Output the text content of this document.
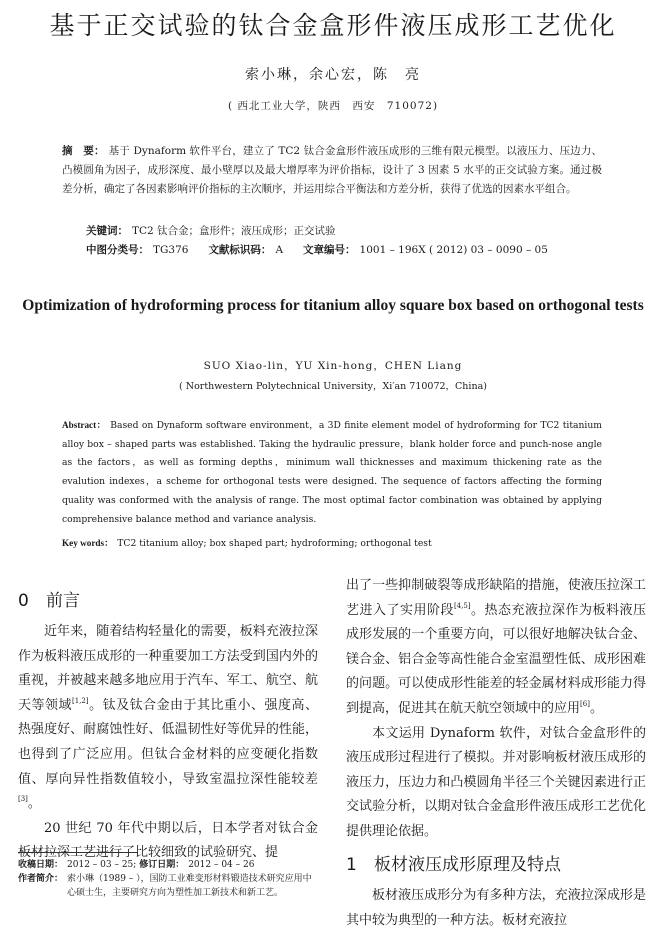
基于正交试验的钛合金盒形件液压成形工艺优化
索小琳，余心宏，陈　亮
( 西北工业大学，陕西　西安　710072)
摘　要： 基于 Dynaform 软件平台，建立了 TC2 钛合金盒形件液压成形的三维有限元模型。以液压力、压边力、凸模圆角为因子，成形深度、最小壁厚以及最大增厚率为评价指标，设计了 3 因素 5 水平的正交试验方案。通过极差分析，确定了各因素影响评价指标的主次顺序，并运用综合平衡法和方差分析，获得了优选的因素水平组合。
关键词： TC2 钛合金；盒形件；液压成形；正交试验
中图分类号： TG376 文献标识码： A 文章编号： 1001 – 196X ( 2012) 03 – 0090 – 05
Optimization of hydroforming process for titanium alloy square box based on orthogonal tests
SUO Xiao-lin，YU Xin-hong，CHEN Liang
( Northwestern Polytechnical University，Xi′an 710072，China)
Abstract： Based on Dynaform software environment，a 3D finite element model of hydroforming for TC2 titanium alloy box – shaped parts was established. Taking the hydraulic pressure，blank holder force and punch-nose angle as the factors，as well as forming depths，minimum wall thicknesses and maximum thickening rate as the evalution indexes，a scheme for orthogonal tests were designed. The sequence of factors affecting the forming quality was conformed with the analysis of range. The most optimal factor combination was obtained by applying comprehensive balance method and variance analysis.
Key words： TC2 titanium alloy; box shaped part; hydroforming; orthogonal test
0 前言

近年来，随着结构轻量化的需要，板料充液拉深作为板料液压成形的一种重要加工方法受到国内外的重视，并被越来越多地应用于汽车、军工、航空、航天等领域[1,2]。钛及钛合金由于其比重小、强度高、热强度好、耐腐蚀性好、低温韧性好等优异的性能，也得到了广泛应用。但钛合金材料的应变硬化指数值、厚向异性指数值较小，导致室温拉深性能较差[3]。

20 世纪 70 年代中期以后，日本学者对钛合金板材拉深工艺进行了比较细致的试验研究、提

收稿日期： 2012 – 03 – 25; 修订日期： 2012 – 04 – 26
作者简介： 索小琳（1989 – ），国防工业难变形材料锻造技术研究应用中心硕士生，主要研究方向为塑性加工新技术和新工艺。

出了一些抑制破裂等成形缺陷的措施，使液压拉深工艺进入了实用阶段[4,5]。热态充液拉深作为板料液压成形发展的一个重要方向，可以很好地解决钛合金、镁合金、铝合金等高性能合金室温塑性低、成形困难的问题。可以使成形性能差的轻金属材料成形能力得到提高，促进其在航天航空领域中的应用[6]。

本文运用 Dynaform 软件，对钛合金盒形件的液压成形过程进行了模拟。并对影响板材液压成形的液压力，压边力和凸模圆角半径三个关键因素进行正交试验分析，以期对钛合金盒形件液压成形工艺优化提供理论依据。

1 板材液压成形原理及特点

板材液压成形分为有多种方法，充液拉深成形是其中较为典型的一种方法。板材充液拉
